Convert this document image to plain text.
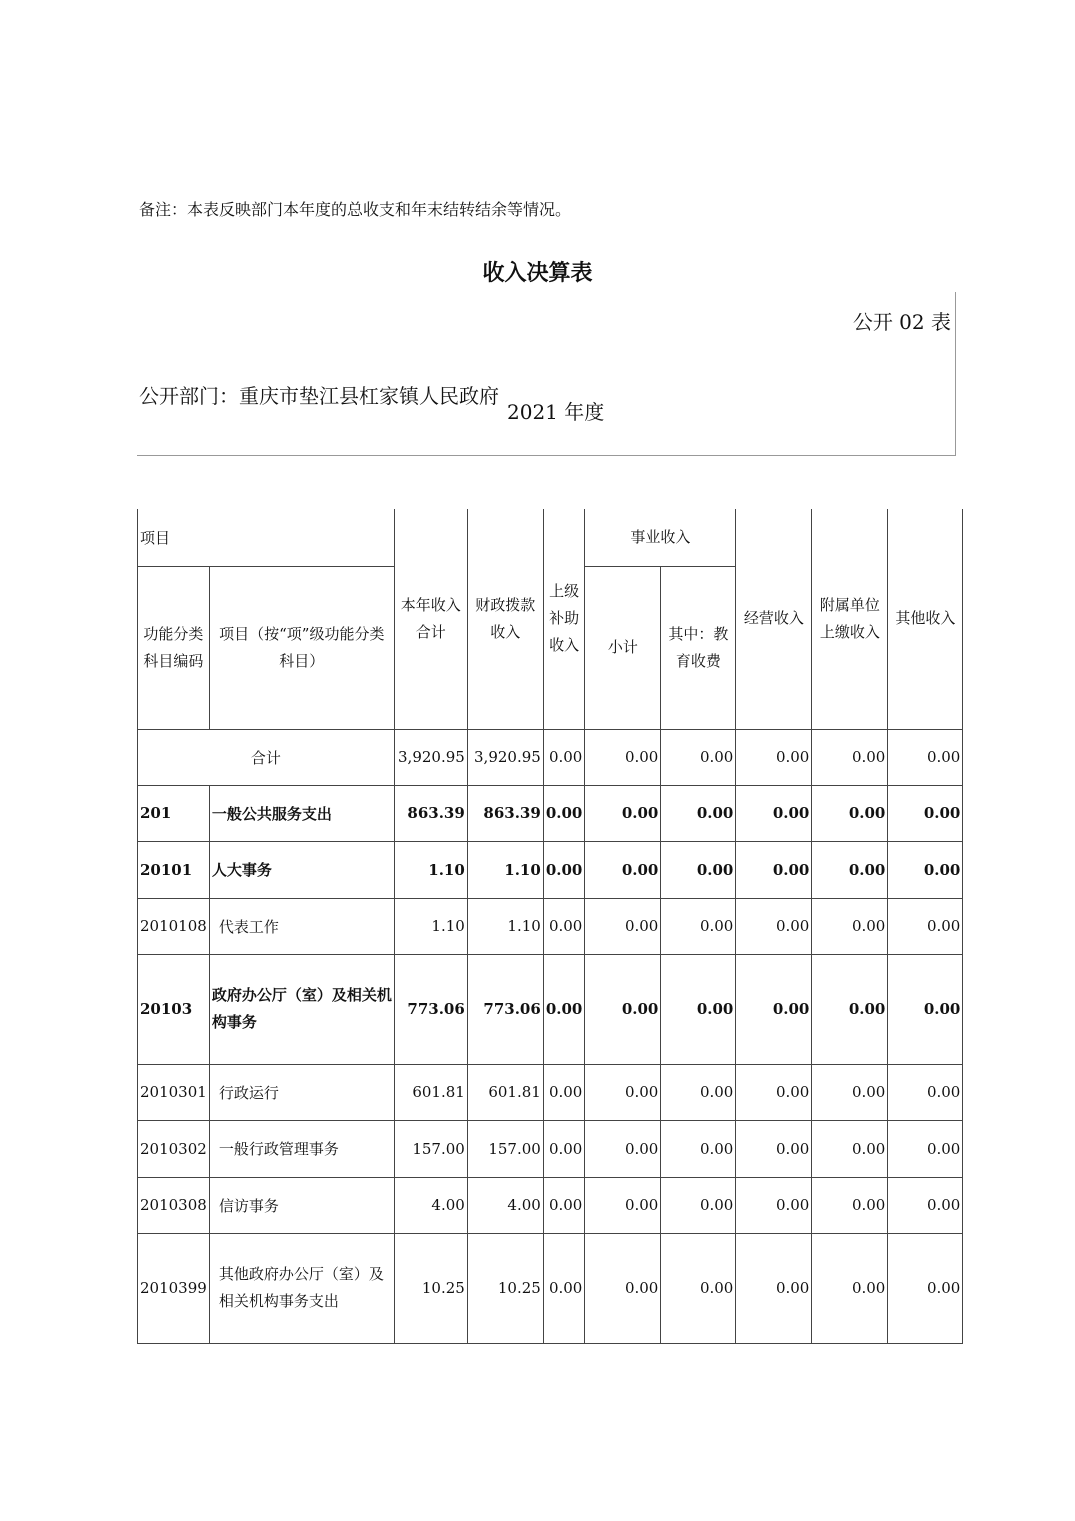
备注：本表反映部门本年度的总收支和年末结转结余等情况。
收入决算表
公开 02 表
公开部门：重庆市垫江县杠家镇人民政府
2021 年度
项目		本年收入合计	财政拨款收入	上级补助收入	事业收入		经营收入	附属单位上缴收入	其他收入
功能分类科目编码	项目（按“项”级功能分类科目）				小计	其中：教育收费			
合计		3,920.95	3,920.95	0.00	0.00	0.00	0.00	0.00	0.00
201	一般公共服务支出	863.39	863.39	0.00	0.00	0.00	0.00	0.00	0.00
20101	人大事务	1.10	1.10	0.00	0.00	0.00	0.00	0.00	0.00
2010108	代表工作	1.10	1.10	0.00	0.00	0.00	0.00	0.00	0.00
20103	政府办公厅（室）及相关机构事务	773.06	773.06	0.00	0.00	0.00	0.00	0.00	0.00
2010301	行政运行	601.81	601.81	0.00	0.00	0.00	0.00	0.00	0.00
2010302	一般行政管理事务	157.00	157.00	0.00	0.00	0.00	0.00	0.00	0.00
2010308	信访事务	4.00	4.00	0.00	0.00	0.00	0.00	0.00	0.00
2010399	其他政府办公厅（室）及相关机构事务支出	10.25	10.25	0.00	0.00	0.00	0.00	0.00	0.00
